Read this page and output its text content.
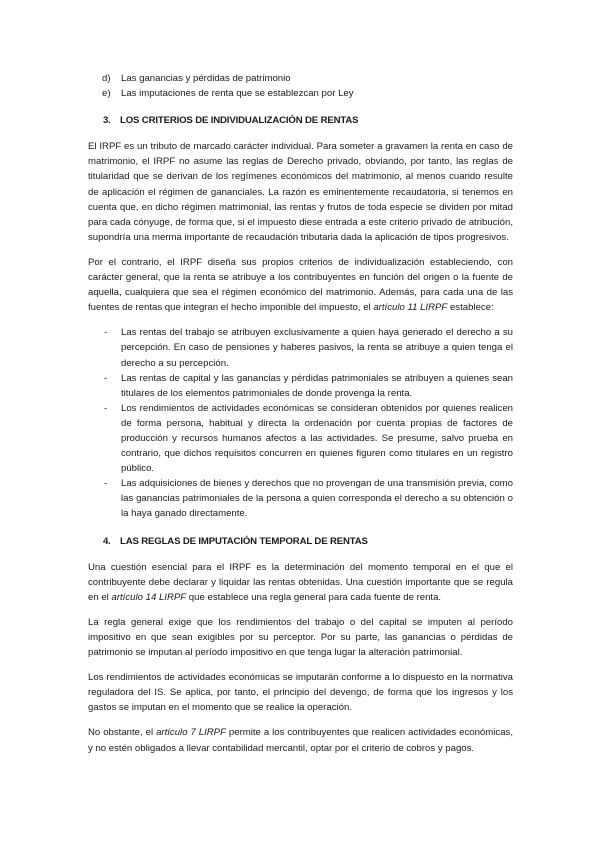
d) Las ganancias y pérdidas de patrimonio
e) Las imputaciones de renta que se establezcan por Ley
3. LOS CRITERIOS DE INDIVIDUALIZACIÓN DE RENTAS

El IRPF es un tributo de marcado carácter individual. Para someter a gravamen la renta en caso de matrimonio, el IRPF no asume las reglas de Derecho privado, obviando, por tanto, las reglas de titularidad que se derivan de los regímenes económicos del matrimonio, al menos cuando resulte de aplicación el régimen de gananciales. La razón es eminentemente recaudatoria, si tenemos en cuenta que, en dicho régimen matrimonial, las rentas y frutos de toda especie se dividen por mitad para cada cónyuge, de forma que, si el impuesto diese entrada a este criterio privado de atribución, supondría una merma importante de recaudación tributaria dada la aplicación de tipos progresivos.

Por el contrario, el IRPF diseña sus propios criterios de individualización estableciendo, con carácter general, que la renta se atribuye a los contribuyentes en función del origen o la fuente de aquella, cualquiera que sea el régimen económico del matrimonio. Además, para cada una de las fuentes de rentas que integran el hecho imponible del impuesto, el artículo 11 LIRPF establece:

- Las rentas del trabajo se atribuyen exclusivamente a quien haya generado el derecho a su percepción. En caso de pensiones y haberes pasivos, la renta se atribuye a quien tenga el derecho a su percepción.
- Las rentas de capital y las ganancias y pérdidas patrimoniales se atribuyen a quienes sean titulares de los elementos patrimoniales de donde provenga la renta.
- Los rendimientos de actividades económicas se consideran obtenidos por quienes realicen de forma persona, habitual y directa la ordenación por cuenta propias de factores de producción y recursos humanos afectos a las actividades. Se presume, salvo prueba en contrario, que dichos requisitos concurren en quienes figuren como titulares en un registro público.
- Las adquisiciones de bienes y derechos que no provengan de una transmisión previa, como las ganancias patrimoniales de la persona a quien corresponda el derecho a su obtención o la haya ganado directamente.
4. LAS REGLAS DE IMPUTACIÓN TEMPORAL DE RENTAS

Una cuestión esencial para el IRPF es la determinación del momento temporal en el que el contribuyente debe declarar y liquidar las rentas obtenidas. Una cuestión importante que se regula en el artículo 14 LIRPF que establece una regla general para cada fuente de renta.

La regla general exige que los rendimientos del trabajo o del capital se imputen al período impositivo en que sean exigibles por su perceptor. Por su parte, las ganancias o pérdidas de patrimonio se imputan al período impositivo en que tenga lugar la alteración patrimonial.

Los rendimientos de actividades económicas se imputarán conforme a lo dispuesto en la normativa reguladora del IS. Se aplica, por tanto, el principio del devengo, de forma que los ingresos y los gastos se imputan en el momento que se realice la operación.

No obstante, el artículo 7 LIRPF permite a los contribuyentes que realicen actividades económicas, y no estén obligados a llevar contabilidad mercantil, optar por el criterio de cobros y pagos.
